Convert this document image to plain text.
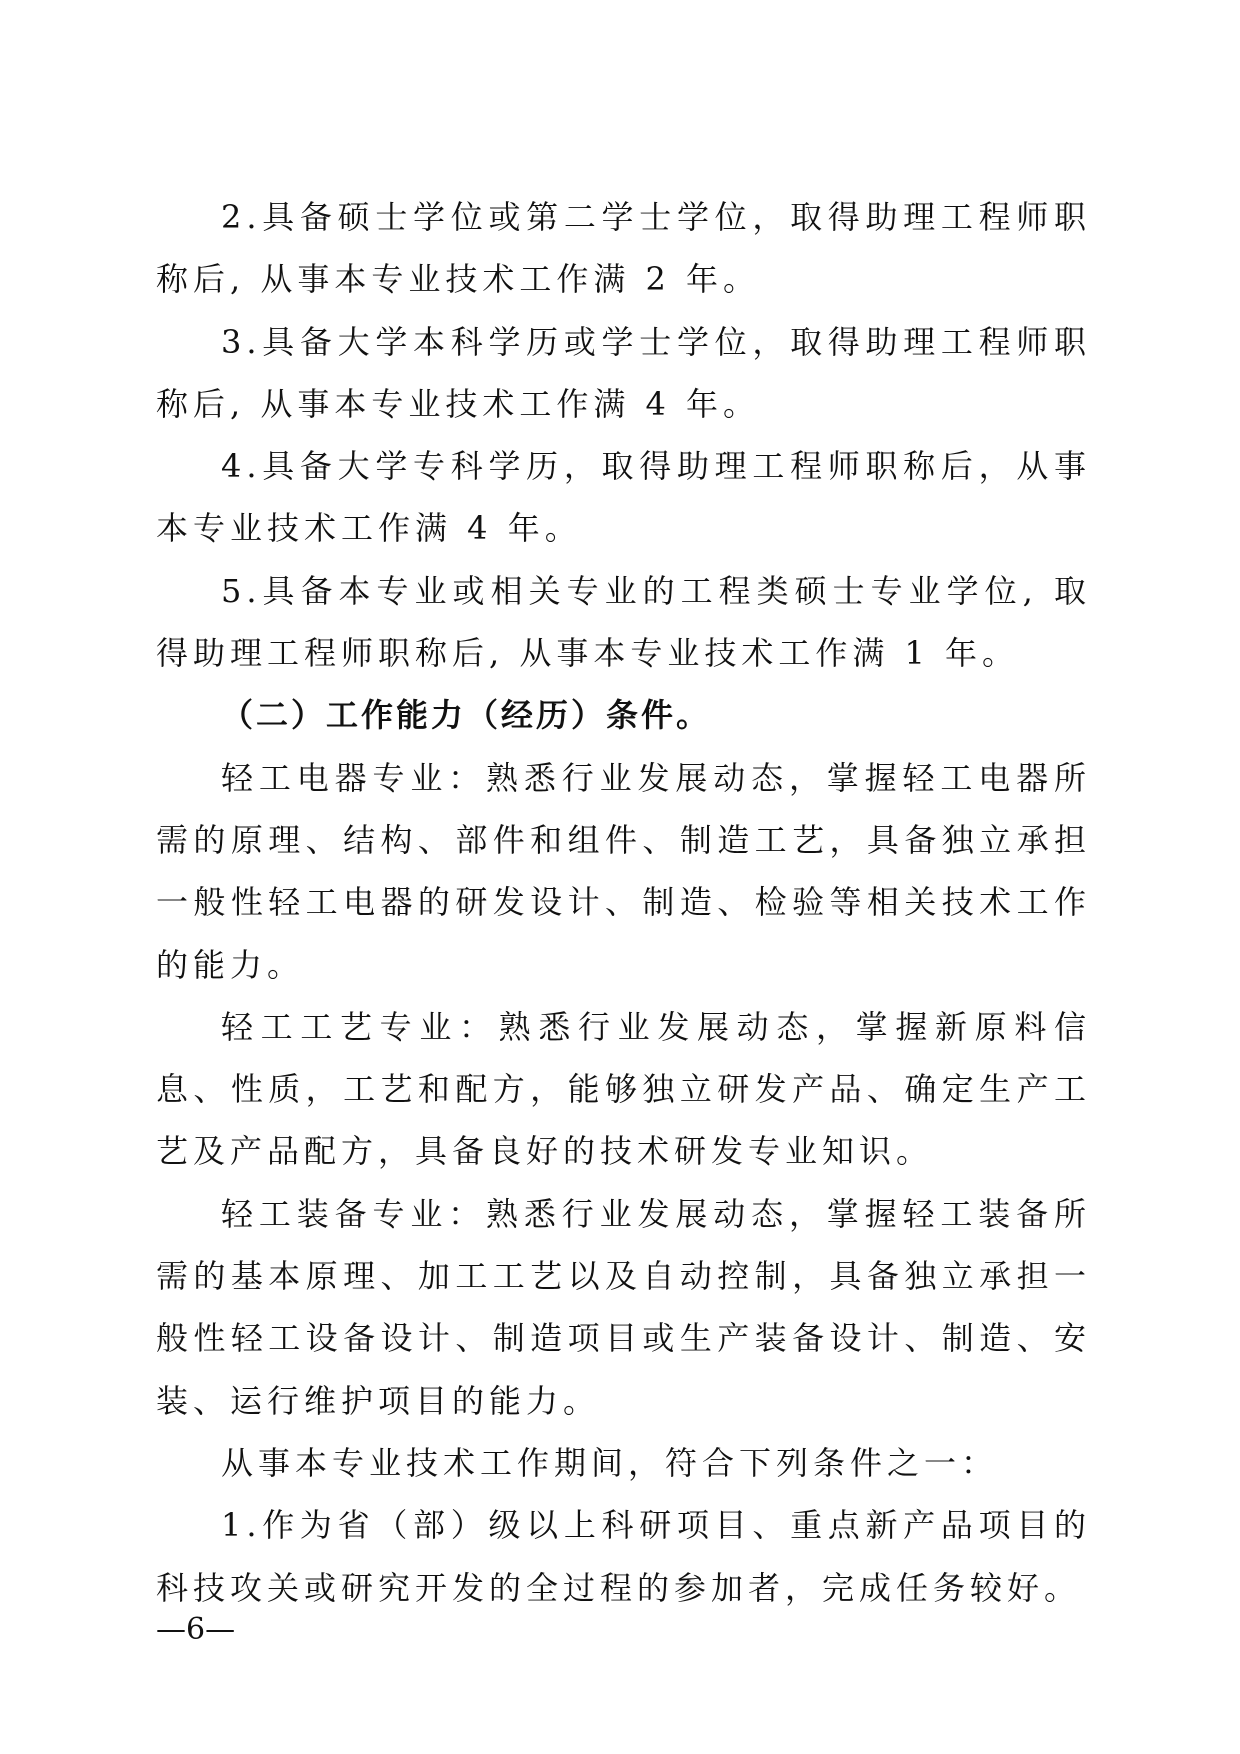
2.具备硕士学位或第二学士学位，取得助理工程师职称后, 从事本专业技术工作满 2 年。

3.具备大学本科学历或学士学位，取得助理工程师职称后, 从事本专业技术工作满 4 年。

4.具备大学专科学历，取得助理工程师职称后，从事本专业技术工作满 4 年。

5.具备本专业或相关专业的工程类硕士专业学位, 取得助理工程师职称后, 从事本专业技术工作满 1 年。

（二）工作能力（经历）条件。

轻工电器专业：熟悉行业发展动态，掌握轻工电器所需的原理、结构、部件和组件、制造工艺，具备独立承担一般性轻工电器的研发设计、制造、检验等相关技术工作的能力。

轻工工艺专业：熟悉行业发展动态，掌握新原料信息、性质，工艺和配方，能够独立研发产品、确定生产工艺及产品配方，具备良好的技术研发专业知识。

轻工装备专业：熟悉行业发展动态，掌握轻工装备所需的基本原理、加工工艺以及自动控制，具备独立承担一般性轻工设备设计、制造项目或生产装备设计、制造、安装、运行维护项目的能力。

从事本专业技术工作期间，符合下列条件之一：

1.作为省（部）级以上科研项目、重点新产品项目的科技攻关或研究开发的全过程的参加者，完成任务较好。

—6—
